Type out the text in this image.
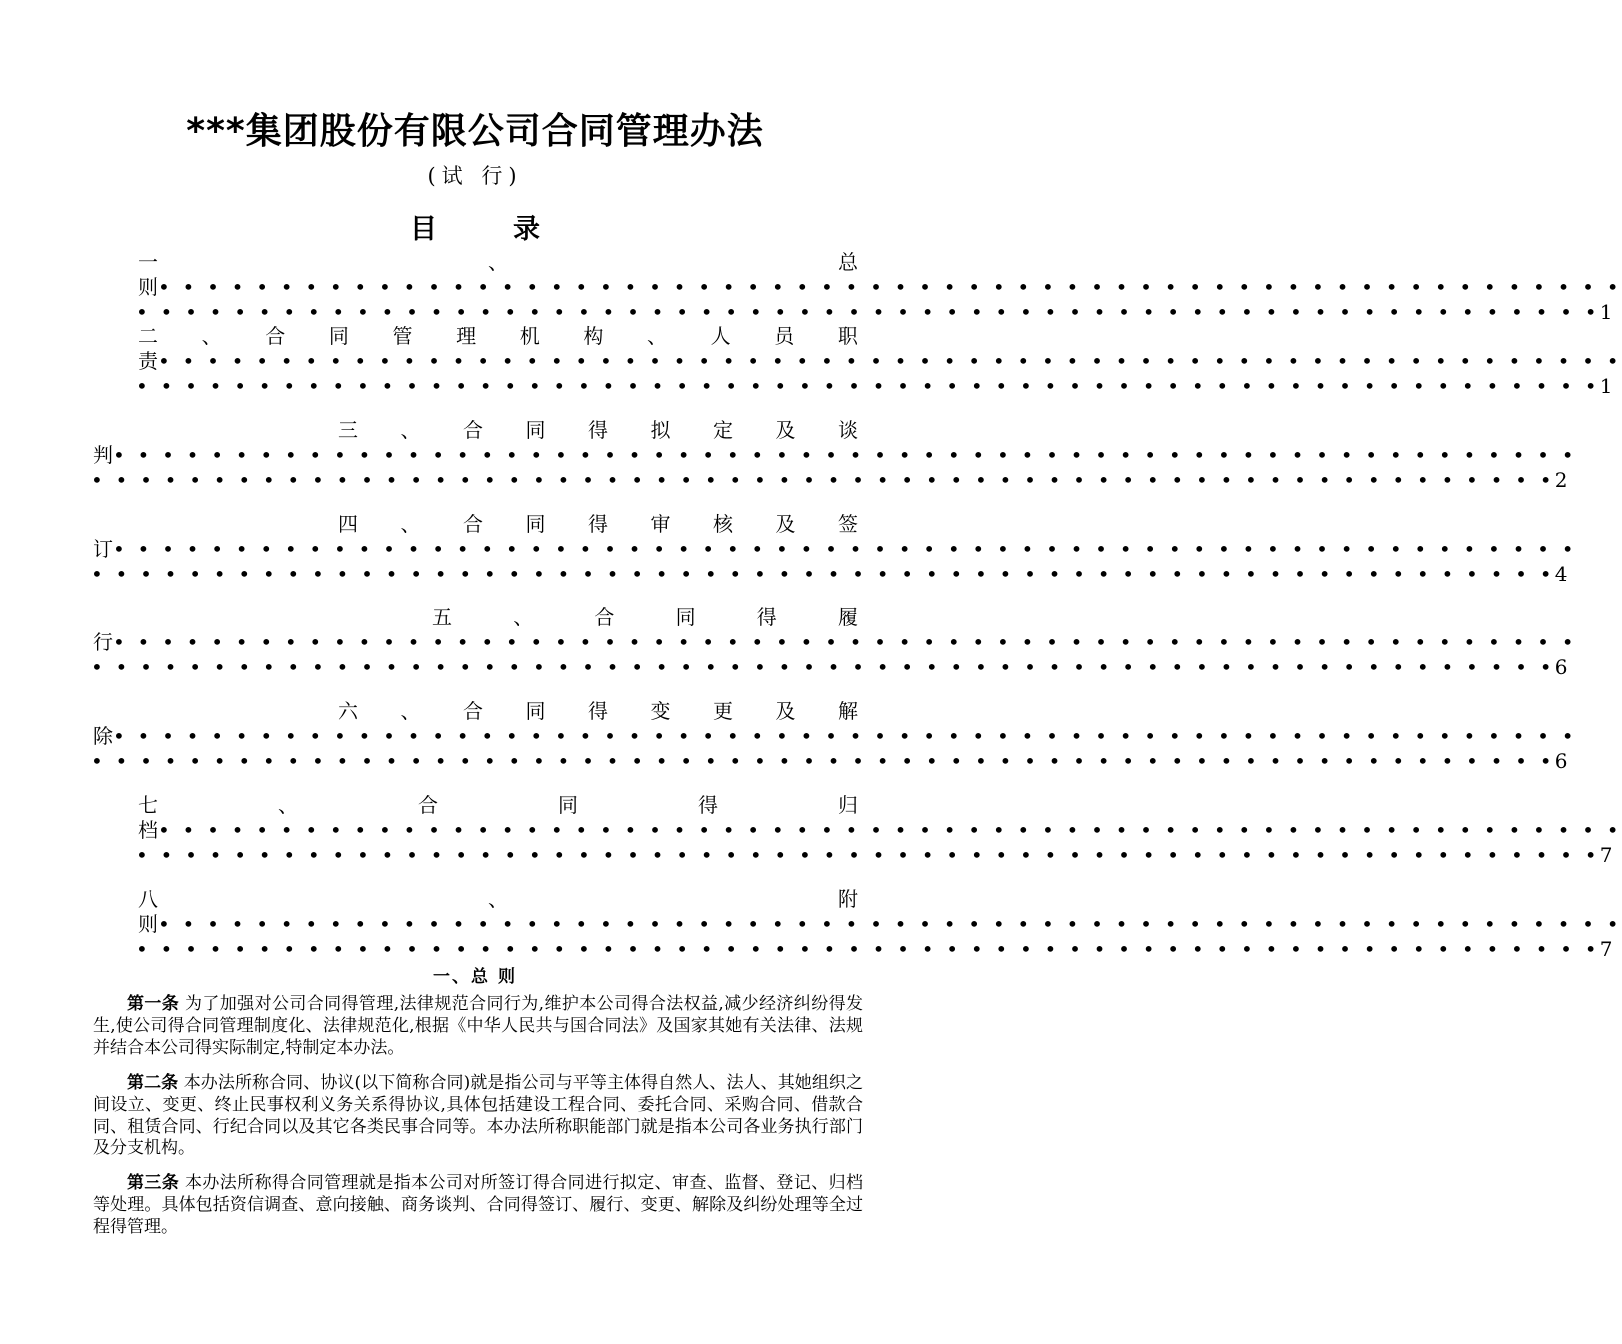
***集团股份有限公司合同管理办法
(试 行)
目	录
一	、	总
则 • • • • • • • • • • • • • • • • • • • • • • • • • • • • • • • • • • • • • • • • • • • • • • • • • • • • • • • • • • • •
• • • • • • • • • • • • • • • • • • • • • • • • • • • • • • • • • • • • • • • • • • • • • • • • • • • • • • • • • • • • 1
二 、 合 同 管 理 机 构 、 人 员 职
责 • • • • • • • • • • • • • • • • • • • • • • • • • • • • • • • • • • • • • • • • • • • • • • • • • • • • • • • • • • • •
• • • • • • • • • • • • • • • • • • • • • • • • • • • • • • • • • • • • • • • • • • • • • • • • • • • • • • • • • • • • 1
三 、 合 同 得 拟 定 及 谈
判 • • • • • • • • • • • • • • • • • • • • • • • • • • • • • • • • • • • • • • • • • • • • • • • • • • • • • • • • • • • •
• • • • • • • • • • • • • • • • • • • • • • • • • • • • • • • • • • • • • • • • • • • • • • • • • • • • • • • • • • • • 2
四 、 合 同 得 审 核 及 签
订 • • • • • • • • • • • • • • • • • • • • • • • • • • • • • • • • • • • • • • • • • • • • • • • • • • • • • • • • • • • •
• • • • • • • • • • • • • • • • • • • • • • • • • • • • • • • • • • • • • • • • • • • • • • • • • • • • • • • • • • • • 4
五	、	合	同	得	履
行 • • • • • • • • • • • • • • • • • • • • • • • • • • • • • • • • • • • • • • • • • • • • • • • • • • • • • • • • • • • •
• • • • • • • • • • • • • • • • • • • • • • • • • • • • • • • • • • • • • • • • • • • • • • • • • • • • • • • • • • • • 6
六 、 合 同 得 变 更 及 解
除 • • • • • • • • • • • • • • • • • • • • • • • • • • • • • • • • • • • • • • • • • • • • • • • • • • • • • • • • • • • •
• • • • • • • • • • • • • • • • • • • • • • • • • • • • • • • • • • • • • • • • • • • • • • • • • • • • • • • • • • • • 6
七	、	合	同	得	归
档 • • • • • • • • • • • • • • • • • • • • • • • • • • • • • • • • • • • • • • • • • • • • • • • • • • • • • • • • • • • •
• • • • • • • • • • • • • • • • • • • • • • • • • • • • • • • • • • • • • • • • • • • • • • • • • • • • • • • • • • • • 7
八	、	附
则 • • • • • • • • • • • • • • • • • • • • • • • • • • • • • • • • • • • • • • • • • • • • • • • • • • • • • • • • • • • •
• • • • • • • • • • • • • • • • • • • • • • • • • • • • • • • • • • • • • • • • • • • • • • • • • • • • • • • • • • • • 7
一、总 则
第一条 为了加强对公司合同得管理,法律规范合同行为,维护本公司得合法权益,减少经济纠纷得发生,使公司得合同管理制度化、法律规范化,根据《中华人民共与国合同法》及国家其她有关法律、法规并结合本公司得实际制定,特制定本办法。
第二条 本办法所称合同、协议(以下简称合同)就是指公司与平等主体得自然人、法人、其她组织之间设立、变更、终止民事权利义务关系得协议,具体包括建设工程合同、委托合同、采购合同、借款合同、租赁合同、行纪合同以及其它各类民事合同等。本办法所称职能部门就是指本公司各业务执行部门及分支机构。
第三条 本办法所称得合同管理就是指本公司对所签订得合同进行拟定、审查、监督、登记、归档等处理。具体包括资信调查、意向接触、商务谈判、合同得签订、履行、变更、解除及纠纷处理等全过程得管理。
